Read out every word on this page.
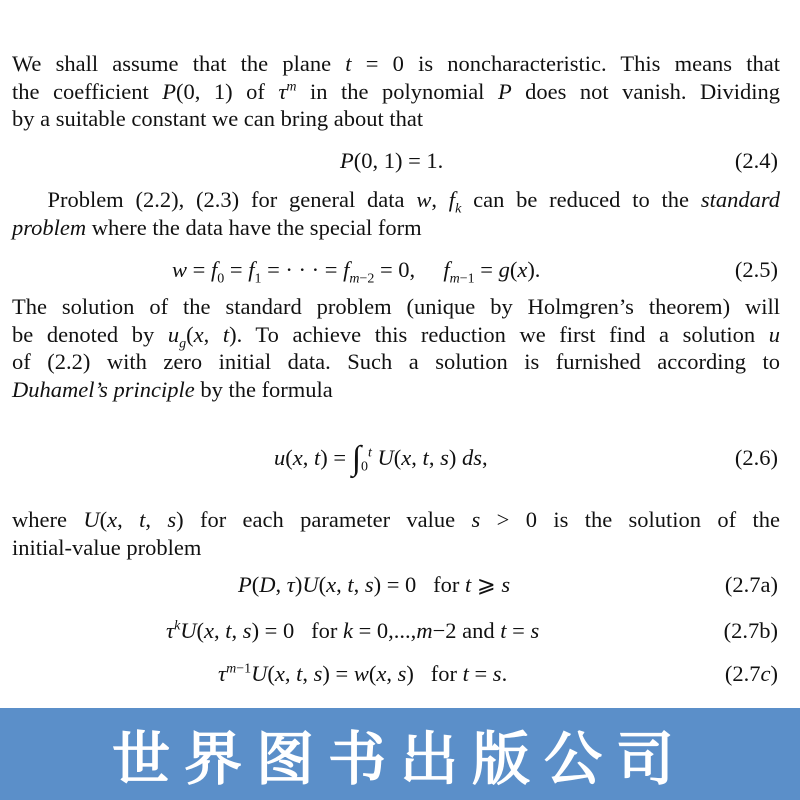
We shall assume that the plane t = 0 is noncharacteristic. This means that
the coefficient P(0, 1) of $\tau^m$ in the polynomial P does not vanish. Dividing
by a suitable constant we can bring about that
P(0, 1) = 1.	(2.4)
Problem (2.2), (2.3) for general data w, $f_k$ can be reduced to the standard
problem where the data have the special form
$w = f_0 = f_1$ = · · · = $f_{m-2} = 0$,     $f_{m-1} = g(x)$.	(2.5)
The solution of the standard problem (unique by Holmgren’s theorem) will
be denoted by $u_g(x$, t). To achieve this reduction we first find a solution u
of (2.2) with zero initial data. Such a solution is furnished according to
Duhamel’s principle by the formula
u(x, $t) = \int_0^t$ U(x, t, s) ds,	(2.6)
where U(x, t, s) for each parameter value s > 0 is the solution of the
initial-value problem
P(D, τ)U(x, t, s) = 0   for t ⩾ s	(2.7a)
$\tau^kU(x$, t, s) = 0   for k = 0,...,m−2 and t = s	(2.7b)
$\tau^{m-1}U(x$, t, s) = w(x, s)   for t = s.	(2.7c)
世界图书出版公司
